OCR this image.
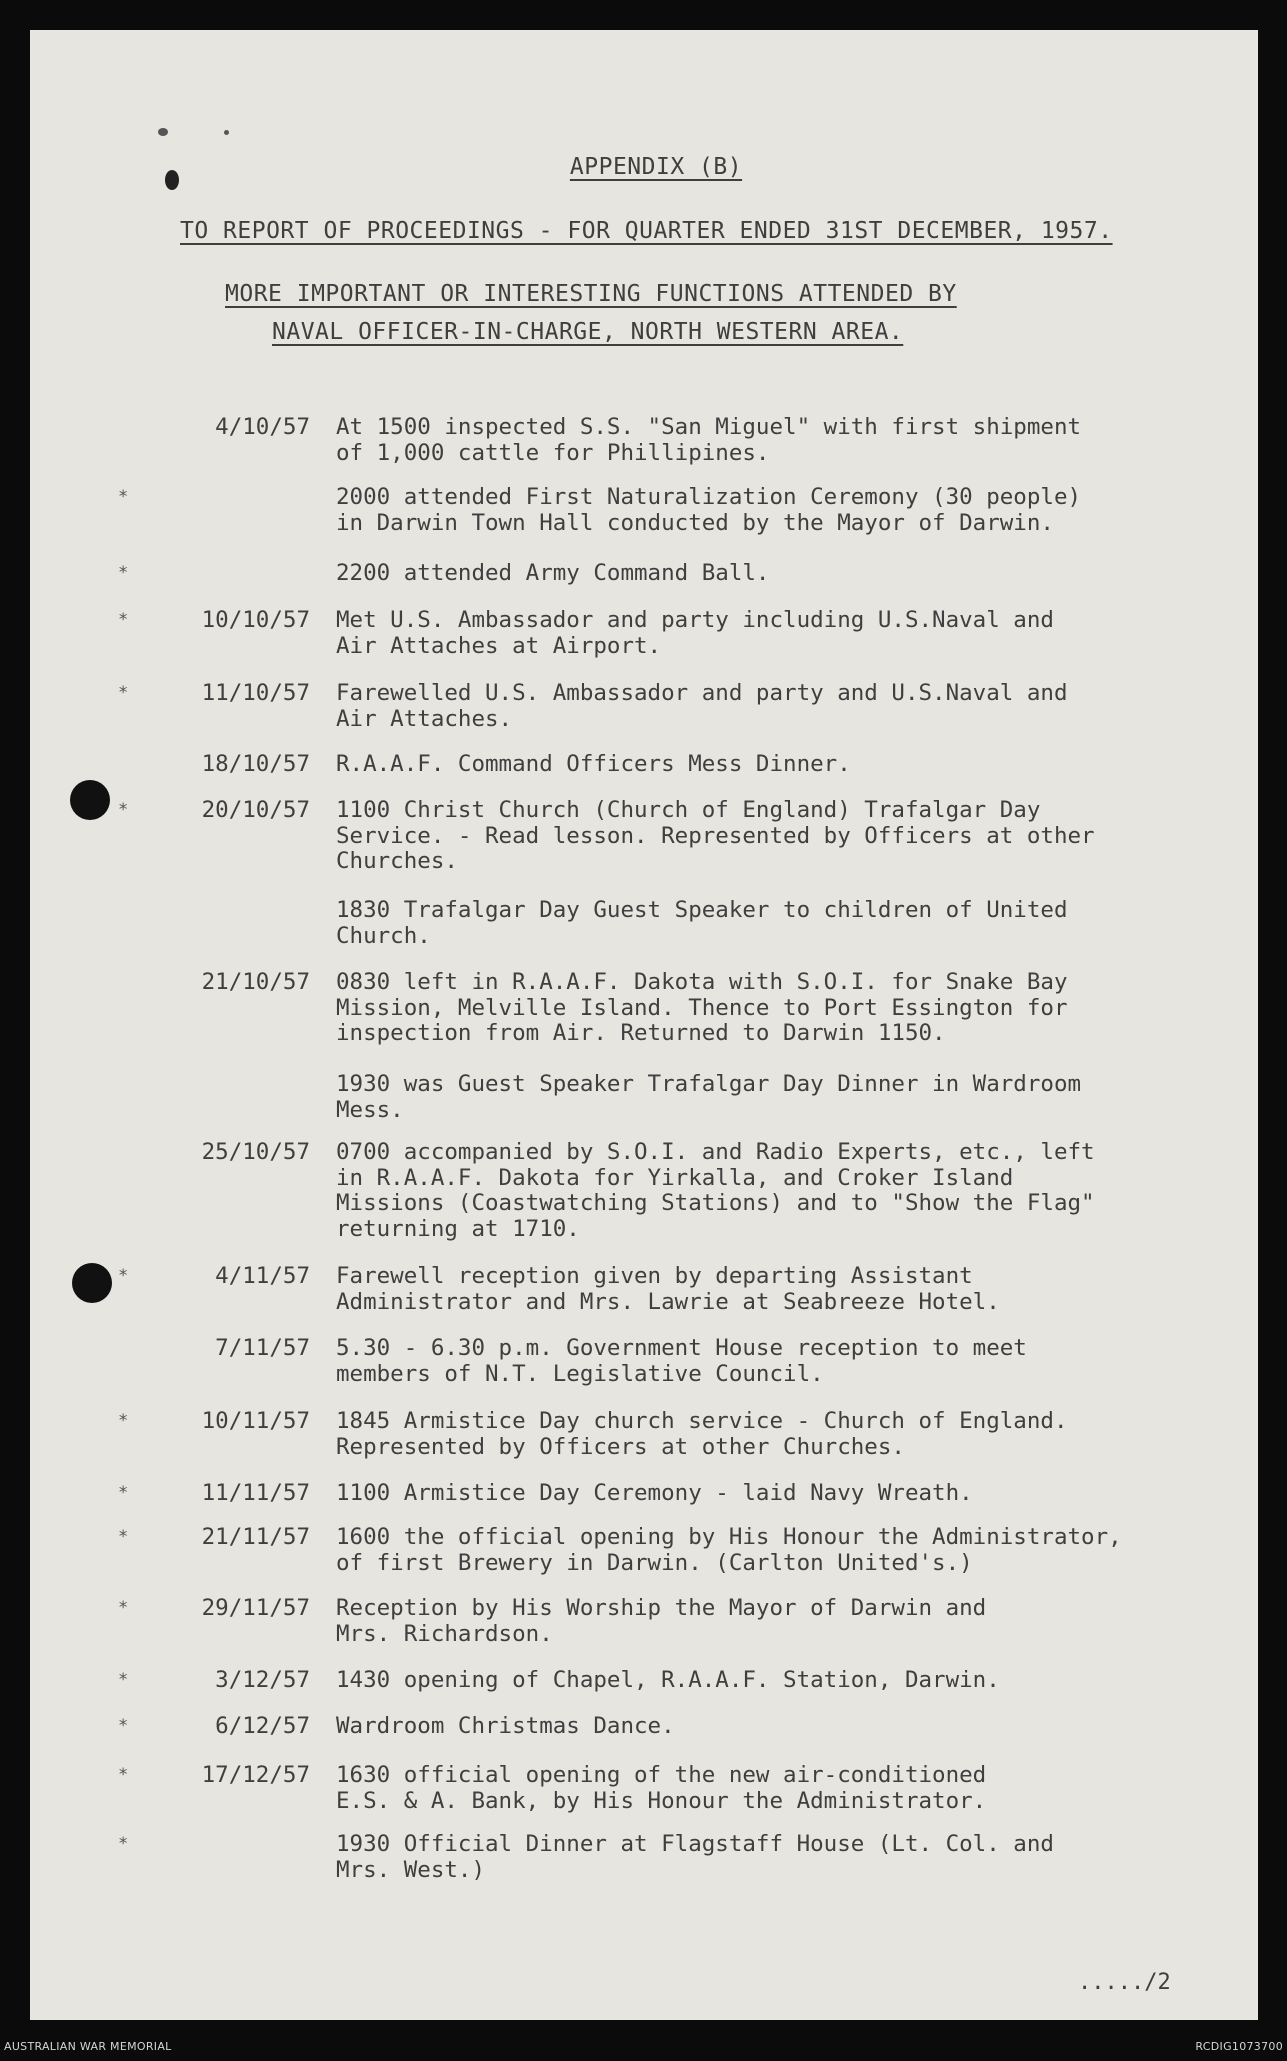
APPENDIX (B)
TO REPORT OF PROCEEDINGS - FOR QUARTER ENDED 31ST DECEMBER, 1957.
MORE IMPORTANT OR INTERESTING FUNCTIONS ATTENDED BY
NAVAL OFFICER-IN-CHARGE, NORTH WESTERN AREA.
4/10/57 At 1500 inspected S.S. "San Miguel" with first shipment
of 1,000 cattle for Phillipines.
*	2000 attended First Naturalization Ceremony (30 people)
in Darwin Town Hall conducted by the Mayor of Darwin.
*	2200 attended Army Command Ball.
*	10/10/57 Met U.S. Ambassador and party including U.S.Naval and
Air Attaches at Airport.
*	11/10/57 Farewelled U.S. Ambassador and party and U.S.Naval and
Air Attaches.
18/10/57 R.A.A.F. Command Officers Mess Dinner.
*	20/10/57 1100 Christ Church (Church of England) Trafalgar Day
Service. - Read lesson. Represented by Officers at other
Churches.
1830 Trafalgar Day Guest Speaker to children of United
Church.
21/10/57 0830 left in R.A.A.F. Dakota with S.O.I. for Snake Bay
Mission, Melville Island. Thence to Port Essington for
inspection from Air. Returned to Darwin 1150.
1930 was Guest Speaker Trafalgar Day Dinner in Wardroom
Mess.
25/10/57 0700 accompanied by S.O.I. and Radio Experts, etc., left
in R.A.A.F. Dakota for Yirkalla, and Croker Island
Missions (Coastwatching Stations) and to "Show the Flag"
returning at 1710.
*	4/11/57 Farewell reception given by departing Assistant
Administrator and Mrs. Lawrie at Seabreeze Hotel.
7/11/57 5.30 - 6.30 p.m. Government House reception to meet
members of N.T. Legislative Council.
*	10/11/57 1845 Armistice Day church service - Church of England.
Represented by Officers at other Churches.
*	11/11/57 1100 Armistice Day Ceremony - laid Navy Wreath.
*	21/11/57 1600 the official opening by His Honour the Administrator,
of first Brewery in Darwin. (Carlton United's.)
*	29/11/57 Reception by His Worship the Mayor of Darwin and
Mrs. Richardson.
*	3/12/57 1430 opening of Chapel, R.A.A.F. Station, Darwin.
*	6/12/57 Wardroom Christmas Dance.
*	17/12/57 1630 official opening of the new air-conditioned
E.S. & A. Bank, by His Honour the Administrator.
*	1930 Official Dinner at Flagstaff House (Lt. Col. and
Mrs. West.)
...../2
AUSTRALIAN WAR MEMORIAL	RCDIG1073700
